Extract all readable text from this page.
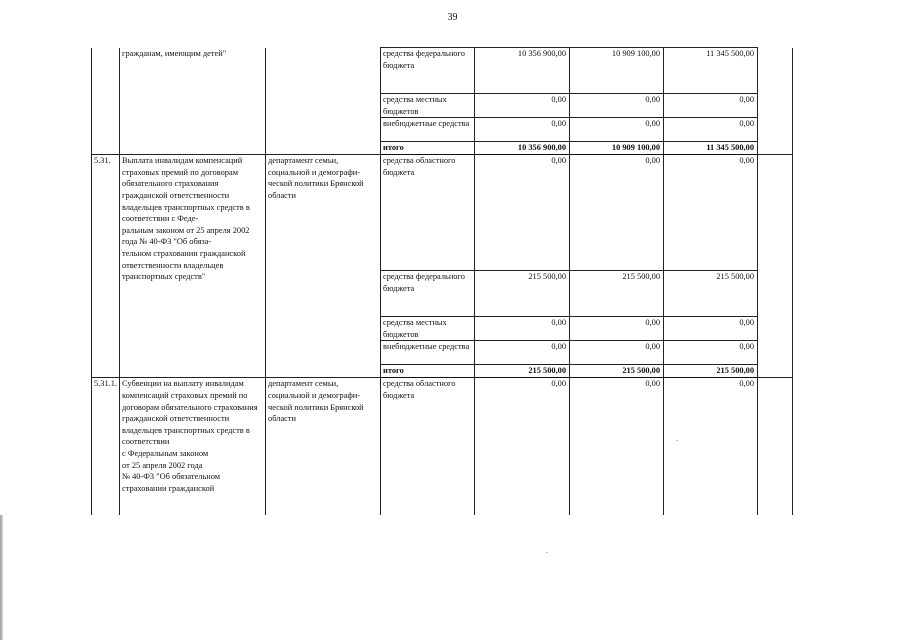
39
	гражданам, имеющим детей"		средства федерального бюджета	10 356 900,00	10 909 100,00	11 345 500,00	
			средства местных бюджетов	0,00	0,00	0,00	
			внебюджетные средства	0,00	0,00	0,00	
			итого	10 356 900,00	10 909 100,00	11 345 500,00	
5.31.	Выплата инвалидам компенсаций страховых премий по договорам обязательного страхования гражданской ответственности владельцев транспортных средств в соответствии с Феде-
ральным законом от 25 апреля 2002 года № 40-ФЗ "Об обяза-
тельном страховании гражданской ответственности владельцев транспортных средств"	департамент семьи, социальной и демографи-
ческой политики Брянской области	средства областного бюджета	0,00	0,00	0,00	
			средства федерального бюджета	215 500,00	215 500,00	215 500,00	
			средства местных бюджетов	0,00	0,00	0,00	
			внебюджетные средства	0,00	0,00	0,00	
			итого	215 500,00	215 500,00	215 500,00	
5.31.1.	Субвенции на выплату инвалидам компенсаций страховых премий по договорам обязательного страхования гражданской ответственности владельцев транспортных средств в соответствии
с Федеральным законом
от 25 апреля 2002 года
№ 40-ФЗ "Об обязательном страховании гражданской	департамент семьи, социальной и демографи-
ческой политики Брянской области	средства областного бюджета	0,00	0,00	0,00	
